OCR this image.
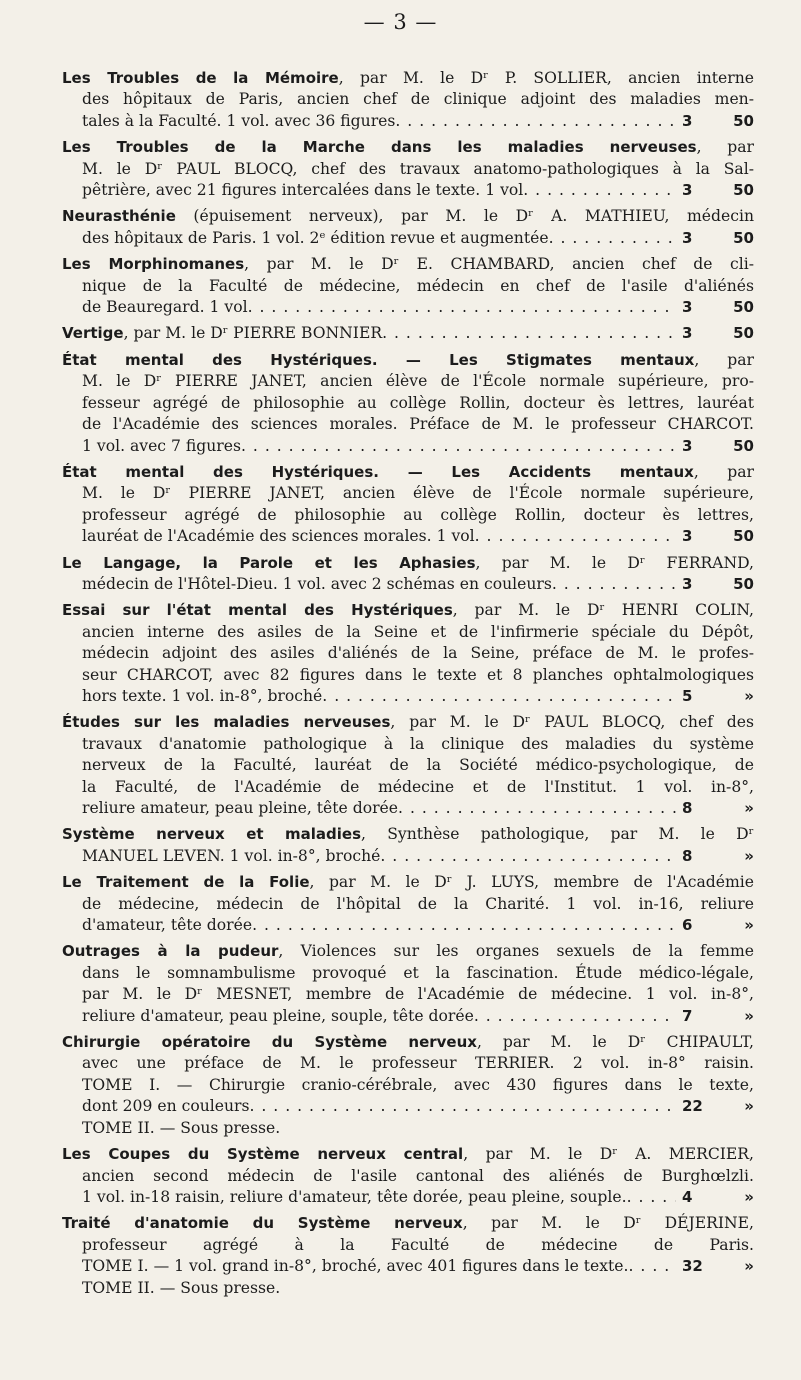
— 3 —
Les Troubles de la Mémoire, par M. le Dʳ P. SOLLIER, ancien interne
des hôpitaux de Paris, ancien chef de clinique adjoint des maladies men-
tales à la Faculté. 1 vol. avec 36 figures . . .	3	50
Les Troubles de la Marche dans les maladies nerveuses, par
M. le Dʳ PAUL BLOCQ, chef des travaux anatomo-pathologiques à la Sal-
pêtrière, avec 21 figures intercalées dans le texte. 1 vol . . .	3	50
Neurasthénie (épuisement nerveux), par M. le Dʳ A. MATHIEU, médecin
des hôpitaux de Paris. 1 vol. 2ᵉ édition revue et augmentée . . .	3	50
Les Morphinomanes, par M. le Dʳ E. CHAMBARD, ancien chef de cli-
nique de la Faculté de médecine, médecin en chef de l'asile d'aliénés
de Beauregard. 1 vol . . .	3	50
Vertige, par M. le Dʳ PIERRE BONNIER . . .	3	50
État mental des Hystériques. — Les Stigmates mentaux, par
M. le Dʳ PIERRE JANET, ancien élève de l'École normale supérieure, pro-
fesseur agrégé de philosophie au collège Rollin, docteur ès lettres, lauréat
de l'Académie des sciences morales. Préface de M. le professeur CHARCOT.
1 vol. avec 7 figures . . .	3	50
État mental des Hystériques. — Les Accidents mentaux, par
M. le Dʳ PIERRE JANET, ancien élève de l'École normale supérieure,
professeur agrégé de philosophie au collège Rollin, docteur ès lettres,
lauréat de l'Académie des sciences morales. 1 vol . . .	3	50
Le Langage, la Parole et les Aphasies, par M. le Dʳ FERRAND,
médecin de l'Hôtel-Dieu. 1 vol. avec 2 schémas en couleurs . . .	3	50
Essai sur l'état mental des Hystériques, par M. le Dʳ HENRI COLIN,
ancien interne des asiles de la Seine et de l'infirmerie spéciale du Dépôt,
médecin adjoint des asiles d'aliénés de la Seine, préface de M. le profes-
seur CHARCOT, avec 82 figures dans le texte et 8 planches ophtalmologiques
hors texte. 1 vol. in-8°, broché . . .	5	»
Études sur les maladies nerveuses, par M. le Dʳ PAUL BLOCQ, chef des
travaux d'anatomie pathologique à la clinique des maladies du système
nerveux de la Faculté, lauréat de la Société médico-psychologique, de
la Faculté, de l'Académie de médecine et de l'Institut. 1 vol. in-8°,
reliure amateur, peau pleine, tête dorée . . .	8	»
Système nerveux et maladies, Synthèse pathologique, par M. le Dʳ
MANUEL LEVEN. 1 vol. in-8°, broché . . .	8	»
Le Traitement de la Folie, par M. le Dʳ J. LUYS, membre de l'Académie
de médecine, médecin de l'hôpital de la Charité. 1 vol. in-16, reliure
d'amateur, tête dorée . . .	6	»
Outrages à la pudeur, Violences sur les organes sexuels de la femme
dans le somnambulisme provoqué et la fascination. Étude médico-légale,
par M. le Dʳ MESNET, membre de l'Académie de médecine. 1 vol. in-8°,
reliure d'amateur, peau pleine, souple, tête dorée . . .	7	»
Chirurgie opératoire du Système nerveux, par M. le Dʳ CHIPAULT,
avec une préface de M. le professeur TERRIER. 2 vol. in-8° raisin.
TOME I. — Chirurgie cranio-cérébrale, avec 430 figures dans le texte,
dont 209 en couleurs . . .	22	»
TOME II. — Sous presse.
Les Coupes du Système nerveux central, par M. le Dʳ A. MERCIER,
ancien second médecin de l'asile cantonal des aliénés de Burghœlzli.
1 vol. in-18 raisin, reliure d'amateur, tête dorée, peau pleine, souple. . . .	4	»
Traité d'anatomie du Système nerveux, par M. le Dʳ DÉJERINE,
professeur agrégé à la Faculté de médecine de Paris.
TOME I. — 1 vol. grand in-8°, broché, avec 401 figures dans le texte. . . .	32	»
TOME II. — Sous presse.
